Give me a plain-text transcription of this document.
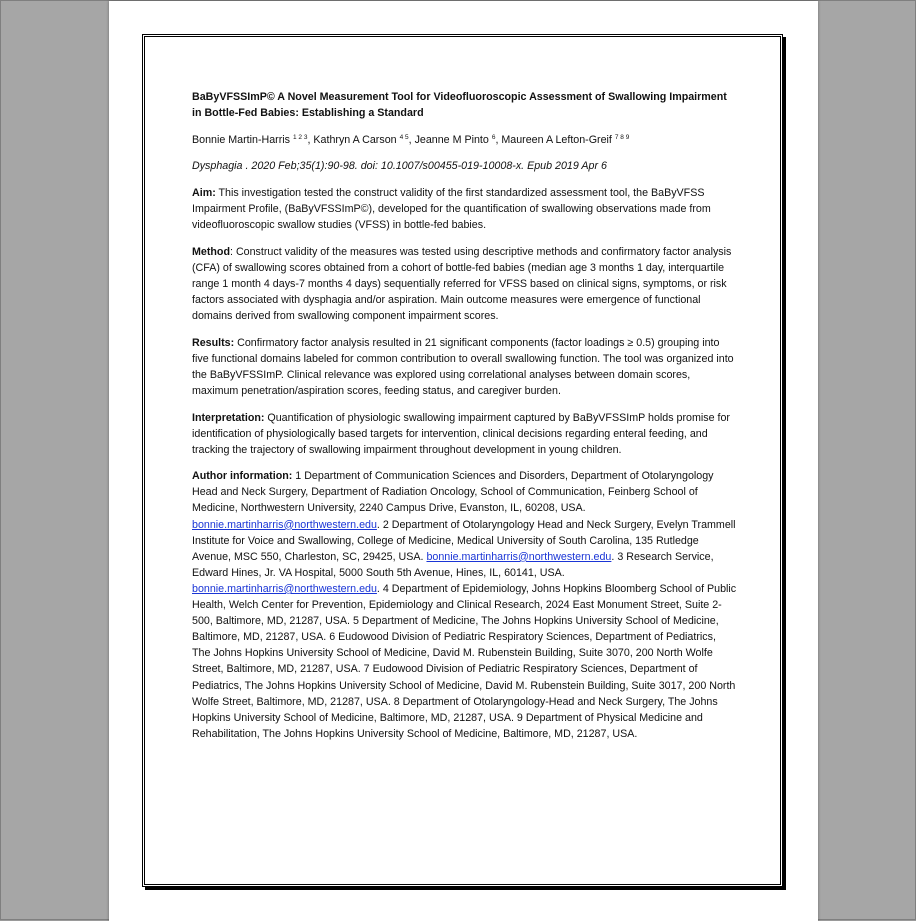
BaByVFSSImP© A Novel Measurement Tool for Videofluoroscopic Assessment of Swallowing Impairment in Bottle-Fed Babies: Establishing a Standard

Bonnie Martin-Harris $^{1 2 3}$, Kathryn A Carson $^{4 5}$, Jeanne M Pinto $^6$, Maureen A Lefton-Greif $^{7 8 9}$

Dysphagia . 2020 Feb;35(1):90-98. doi: 10.1007/s00455-019-10008-x. Epub 2019 Apr 6

Aim: This investigation tested the construct validity of the first standardized assessment tool, the BaByVFSS Impairment Profile, (BaByVFSSImP©), developed for the quantification of swallowing observations made from videofluoroscopic swallow studies (VFSS) in bottle-fed babies.

Method: Construct validity of the measures was tested using descriptive methods and confirmatory factor analysis (CFA) of swallowing scores obtained from a cohort of bottle-fed babies (median age 3 months 1 day, interquartile range 1 month 4 days-7 months 4 days) sequentially referred for VFSS based on clinical signs, symptoms, or risk factors associated with dysphagia and/or aspiration. Main outcome measures were emergence of functional domains derived from swallowing component impairment scores.

Results: Confirmatory factor analysis resulted in 21 significant components (factor loadings ≥ 0.5) grouping into five functional domains labeled for common contribution to overall swallowing function. The tool was organized into the BaByVFSSImP. Clinical relevance was explored using correlational analyses between domain scores, maximum penetration/aspiration scores, feeding status, and caregiver burden.

Interpretation: Quantification of physiologic swallowing impairment captured by BaByVFSSImP holds promise for identification of physiologically based targets for intervention, clinical decisions regarding enteral feeding, and tracking the trajectory of swallowing impairment throughout development in young children.

Author information: 1 Department of Communication Sciences and Disorders, Department of Otolaryngology Head and Neck Surgery, Department of Radiation Oncology, School of Communication, Feinberg School of Medicine, Northwestern University, 2240 Campus Drive, Evanston, IL, 60208, USA. bonnie.martinharris@northwestern.edu. 2 Department of Otolaryngology Head and Neck Surgery, Evelyn Trammell Institute for Voice and Swallowing, College of Medicine, Medical University of South Carolina, 135 Rutledge Avenue, MSC 550, Charleston, SC, 29425, USA. bonnie.martinharris@northwestern.edu. 3 Research Service, Edward Hines, Jr. VA Hospital, 5000 South 5th Avenue, Hines, IL, 60141, USA. bonnie.martinharris@northwestern.edu. 4 Department of Epidemiology, Johns Hopkins Bloomberg School of Public Health, Welch Center for Prevention, Epidemiology and Clinical Research, 2024 East Monument Street, Suite 2-500, Baltimore, MD, 21287, USA. 5 Department of Medicine, The Johns Hopkins University School of Medicine, Baltimore, MD, 21287, USA. 6 Eudowood Division of Pediatric Respiratory Sciences, Department of Pediatrics, The Johns Hopkins University School of Medicine, David M. Rubenstein Building, Suite 3070, 200 North Wolfe Street, Baltimore, MD, 21287, USA. 7 Eudowood Division of Pediatric Respiratory Sciences, Department of Pediatrics, The Johns Hopkins University School of Medicine, David M. Rubenstein Building, Suite 3017, 200 North Wolfe Street, Baltimore, MD, 21287, USA. 8 Department of Otolaryngology-Head and Neck Surgery, The Johns Hopkins University School of Medicine, Baltimore, MD, 21287, USA. 9 Department of Physical Medicine and Rehabilitation, The Johns Hopkins University School of Medicine, Baltimore, MD, 21287, USA.
